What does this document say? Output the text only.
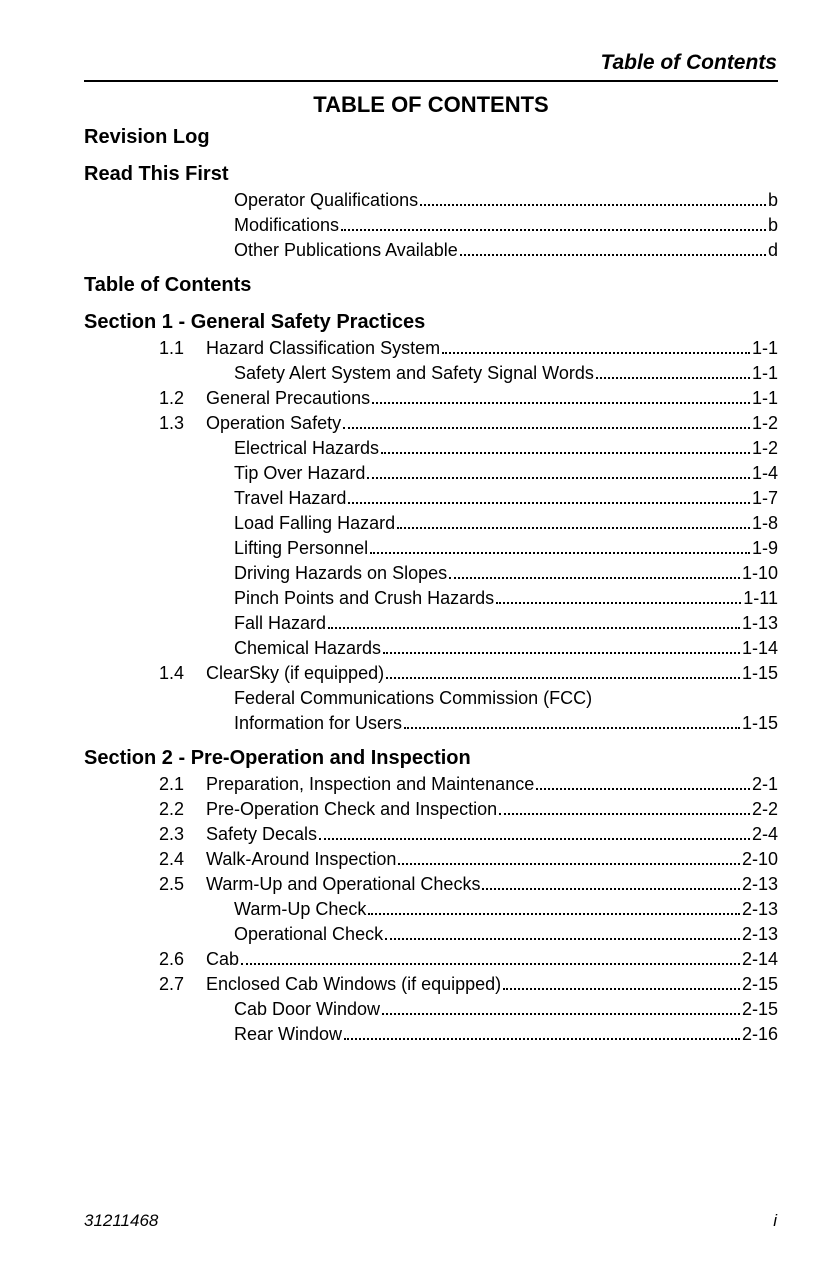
Table of Contents
TABLE OF CONTENTS
Revision Log
Read This First
Operator Qualifications	b
Modifications	b
Other Publications Available	d
Table of Contents
Section 1 - General Safety Practices
1.1 Hazard Classification System	1-1
Safety Alert System and Safety Signal Words	1-1
1.2 General Precautions	1-1
1.3 Operation Safety	1-2
Electrical Hazards	1-2
Tip Over Hazard	1-4
Travel Hazard	1-7
Load Falling Hazard	1-8
Lifting Personnel	1-9
Driving Hazards on Slopes	1-10
Pinch Points and Crush Hazards	1-11
Fall Hazard	1-13
Chemical Hazards	1-14
1.4 ClearSky (if equipped)	1-15
Federal Communications Commission (FCC)
Information for Users	1-15
Section 2 - Pre-Operation and Inspection
2.1 Preparation, Inspection and Maintenance	2-1
2.2 Pre-Operation Check and Inspection	2-2
2.3 Safety Decals	2-4
2.4 Walk-Around Inspection	2-10
2.5 Warm-Up and Operational Checks	2-13
Warm-Up Check	2-13
Operational Check	2-13
2.6 Cab	2-14
2.7 Enclosed Cab Windows (if equipped)	2-15
Cab Door Window	2-15
Rear Window	2-16
31211468	i
